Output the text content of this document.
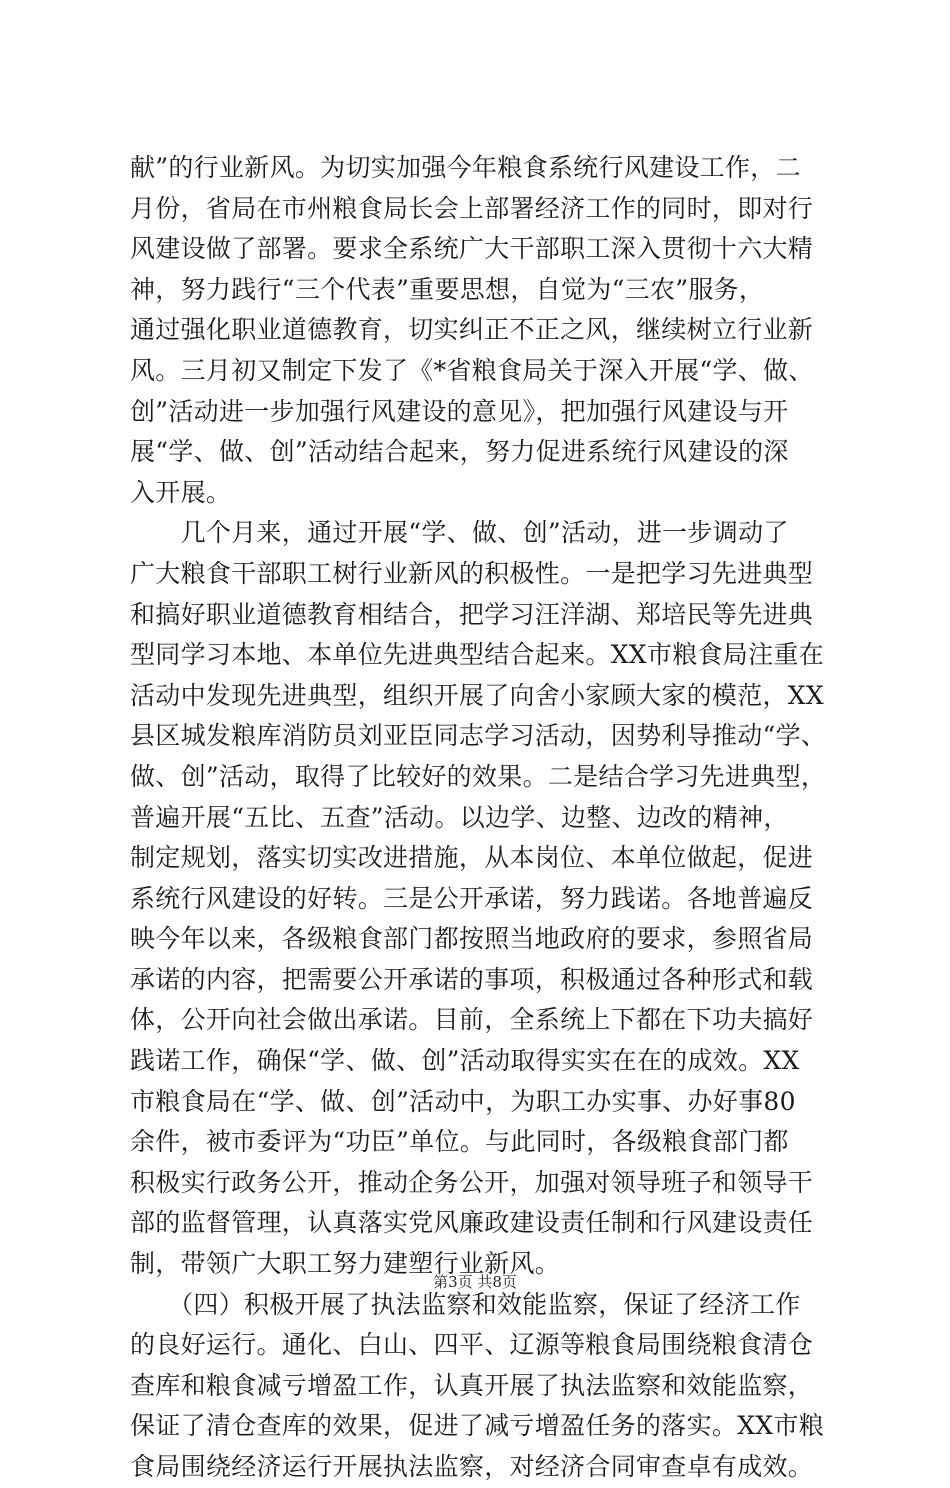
献”的行业新风。为切实加强今年粮食系统行风建设工作，二
月份，省局在市州粮食局长会上部署经济工作的同时，即对行
风建设做了部署。要求全系统广大干部职工深入贯彻十六大精
神，努力践行“三个代表”重要思想，自觉为“三农”服务，
通过强化职业道德教育，切实纠正不正之风，继续树立行业新
风。三月初又制定下发了《*省粮食局关于深入开展“学、做、
创”活动进一步加强行风建设的意见》，把加强行风建设与开
展“学、做、创”活动结合起来，努力促进系统行风建设的深
入开展。
　　几个月来，通过开展“学、做、创”活动，进一步调动了
广大粮食干部职工树行业新风的积极性。一是把学习先进典型
和搞好职业道德教育相结合，把学习汪洋湖、郑培民等先进典
型同学习本地、本单位先进典型结合起来。XX市粮食局注重在
活动中发现先进典型，组织开展了向舍小家顾大家的模范，XX
县区城发粮库消防员刘亚臣同志学习活动，因势利导推动“学、
做、创”活动，取得了比较好的效果。二是结合学习先进典型，
普遍开展“五比、五查”活动。以边学、边整、边改的精神，
制定规划，落实切实改进措施，从本岗位、本单位做起，促进
系统行风建设的好转。三是公开承诺，努力践诺。各地普遍反
映今年以来，各级粮食部门都按照当地政府的要求，参照省局
承诺的内容，把需要公开承诺的事项，积极通过各种形式和载
体，公开向社会做出承诺。目前，全系统上下都在下功夫搞好
践诺工作，确保“学、做、创”活动取得实实在在的成效。XX
市粮食局在“学、做、创”活动中，为职工办实事、办好事80
余件，被市委评为“功臣”单位。与此同时，各级粮食部门都
积极实行政务公开，推动企务公开，加强对领导班子和领导干
部的监督管理，认真落实党风廉政建设责任制和行风建设责任
制，带领广大职工努力建塑行业新风。
　　（四）积极开展了执法监察和效能监察，保证了经济工作
的良好运行。通化、白山、四平、辽源等粮食局围绕粮食清仓
查库和粮食减亏增盈工作，认真开展了执法监察和效能监察，
保证了清仓查库的效果，促进了减亏增盈任务的落实。XX市粮
食局围绕经济运行开展执法监察，对经济合同审查卓有成效。
第3页 共8页
